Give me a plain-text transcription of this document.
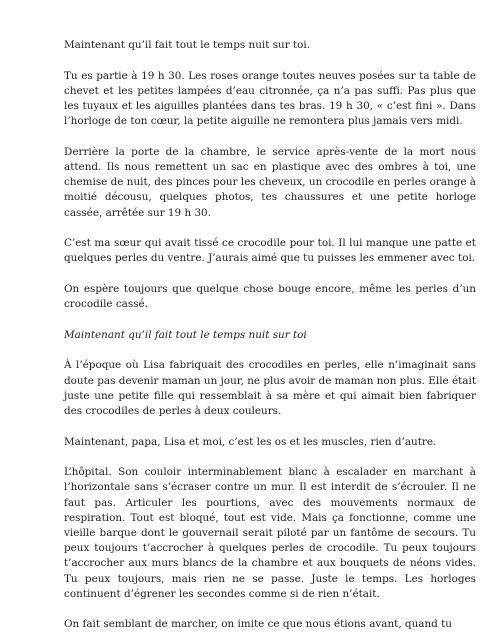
Maintenant qu’il fait tout le temps nuit sur toi.

Tu es partie à 19 h 30. Les roses orange toutes neuves posées sur ta table de chevet et les petites lampées d’eau citronnée, ça n’a pas suffi. Pas plus que les tuyaux et les aiguilles plantées dans tes bras. 19 h 30, « c’est fini ». Dans l’horloge de ton cœur, la petite aiguille ne remontera plus jamais vers midi.

Derrière la porte de la chambre, le service après-vente de la mort nous attend. Ils nous remettent un sac en plastique avec des ombres à toi, une chemise de nuit, des pinces pour les cheveux, un crocodile en perles orange à moitié décousu, quelques photos, tes chaussures et une petite horloge cassée, arrêtée sur 19 h 30.

C’est ma sœur qui avait tissé ce crocodile pour toi. Il lui manque une patte et quelques perles du ventre. J’aurais aimé que tu puisses les emmener avec toi.

On espère toujours que quelque chose bouge encore, même les perles d’un crocodile cassé.

Maintenant qu’il fait tout le temps nuit sur toi

À l’époque où Lisa fabriquait des crocodiles en perles, elle n’imaginait sans doute pas devenir maman un jour, ne plus avoir de maman non plus. Elle était juste une petite fille qui ressemblait à sa mère et qui aimait bien fabriquer des crocodiles de perles à deux couleurs.

Maintenant, papa, Lisa et moi, c’est les os et les muscles, rien d’autre.

L’hôpital. Son couloir interminablement blanc à escalader en marchant à l’horizontale sans s’écraser contre un mur. Il est interdit de s’écrouler. Il ne faut pas. Articuler les pourtions, avec des mouvements normaux de respiration. Tout est bloqué, tout est vide. Mais ça fonctionne, comme une vieille barque dont le gouvernail serait piloté par un fantôme de secours. Tu peux toujours t’accrocher à quelques perles de crocodile. Tu peux toujours t’accrocher aux murs blancs de la chambre et aux bouquets de néons vides. Tu peux toujours, mais rien ne se passe. Juste le temps. Les horloges continuent d’égrener les secondes comme si de rien n’était.

On fait semblant de marcher, on imite ce que nous étions avant, quand tu
